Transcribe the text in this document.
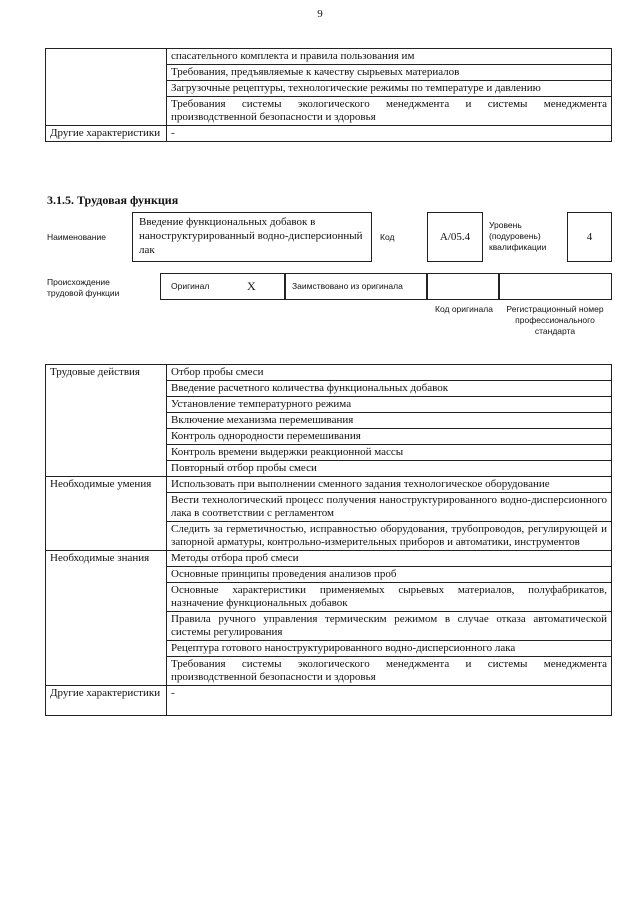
9
	спасательного комплекта и правила пользования им
	Требования, предъявляемые к качеству сырьевых материалов
	Загрузочные рецептуры, технологические режимы по температуре и давлению
	Требования системы экологического менеджмента и системы менеджмента производственной безопасности и здоровья
Другие характеристики	-
3.1.5. Трудовая функция
Наименование
Введение функциональных добавок в наноструктурированный водно-дисперсионный лак
Код	A/05.4
Уровень (подуровень) квалификации
4
Происхождение трудовой функции
Оригинал	X	Заимствовано из оригинала
Код оригинала Регистрационный номер профессионального стандарта
Трудовые действия	Отбор пробы смеси
	Введение расчетного количества функциональных добавок
	Установление температурного режима
	Включение механизма перемешивания
	Контроль однородности перемешивания
	Контроль времени выдержки реакционной массы
	Повторный отбор пробы смеси
Необходимые умения	Использовать при выполнении сменного задания технологическое оборудование
	Вести технологический процесс получения наноструктурированного водно-дисперсионного лака в соответствии с регламентом
	Следить за герметичностью, исправностью оборудования, трубопроводов, регулирующей и запорной арматуры, контрольно-измерительных приборов и автоматики, инструментов
Необходимые знания	Методы отбора проб смеси
	Основные принципы проведения анализов проб
	Основные характеристики применяемых сырьевых материалов, полуфабрикатов, назначение функциональных добавок
	Правила ручного управления термическим режимом в случае отказа автоматической системы регулирования
	Рецептура готового наноструктурированного водно-дисперсионного лака
	Требования системы экологического менеджмента и системы менеджмента производственной безопасности и здоровья
Другие характеристики	-
